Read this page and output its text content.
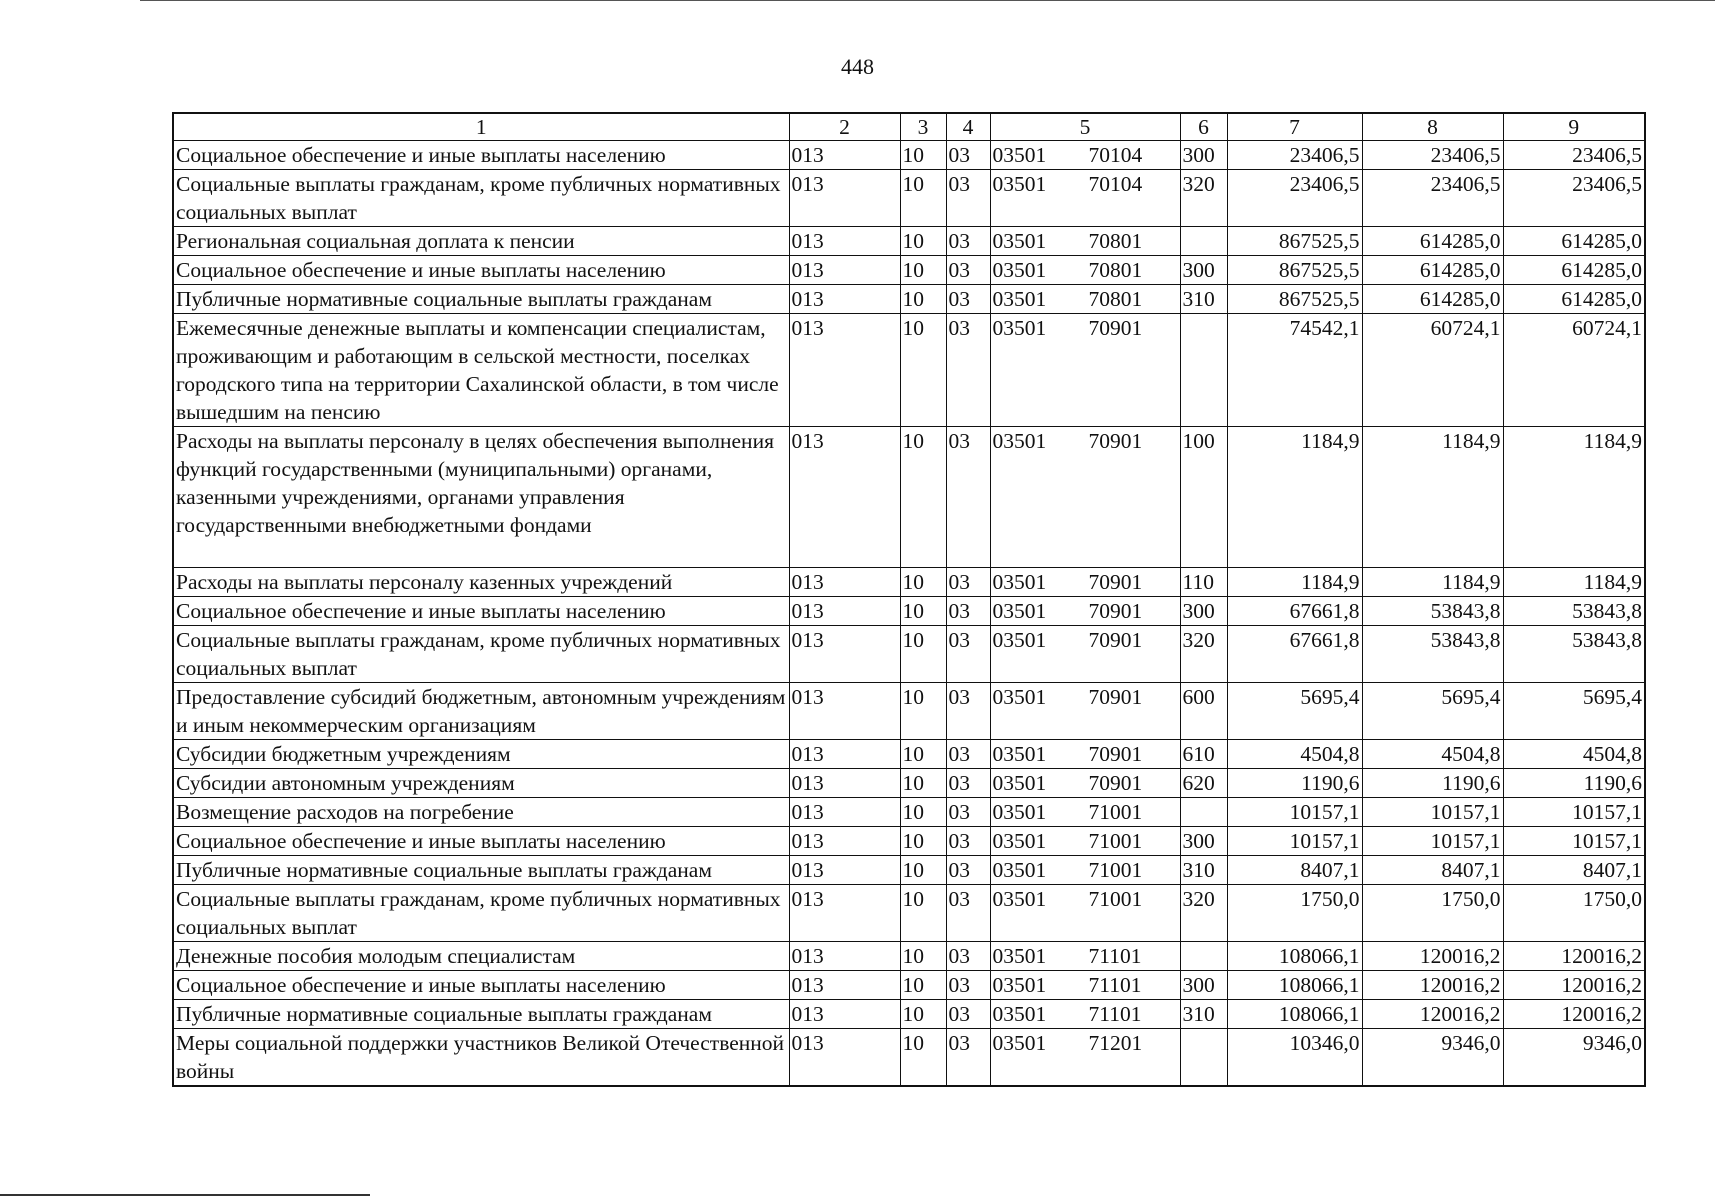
448
1	2	3	4	5	6	7	8	9
Социальное обеспечение и иные выплаты населению	013	10	03	03501 70104	300	23406,5	23406,5	23406,5
Социальные выплаты гражданам, кроме публичных нормативных социальных выплат	013	10	03	03501 70104	320	23406,5	23406,5	23406,5
Региональная социальная доплата к пенсии	013	10	03	03501 70801		867525,5	614285,0	614285,0
Социальное обеспечение и иные выплаты населению	013	10	03	03501 70801	300	867525,5	614285,0	614285,0
Публичные нормативные социальные выплаты гражданам	013	10	03	03501 70801	310	867525,5	614285,0	614285,0
Ежемесячные денежные выплаты и компенсации специалистам, проживающим и работающим в сельской местности, поселках городского типа на территории Сахалинской области, в том числе вышедшим на пенсию	013	10	03	03501 70901		74542,1	60724,1	60724,1
Расходы на выплаты персоналу в целях обеспечения выполнения функций государственными (муниципальными) органами, казенными учреждениями, органами управления государственными внебюджетными фондами	013	10	03	03501 70901	100	1184,9	1184,9	1184,9
Расходы на выплаты персоналу казенных учреждений	013	10	03	03501 70901	110	1184,9	1184,9	1184,9
Социальное обеспечение и иные выплаты населению	013	10	03	03501 70901	300	67661,8	53843,8	53843,8
Социальные выплаты гражданам, кроме публичных нормативных социальных выплат	013	10	03	03501 70901	320	67661,8	53843,8	53843,8
Предоставление субсидий бюджетным, автономным учреждениям и иным некоммерческим организациям	013	10	03	03501 70901	600	5695,4	5695,4	5695,4
Субсидии бюджетным учреждениям	013	10	03	03501 70901	610	4504,8	4504,8	4504,8
Субсидии автономным учреждениям	013	10	03	03501 70901	620	1190,6	1190,6	1190,6
Возмещение расходов на погребение	013	10	03	03501 71001		10157,1	10157,1	10157,1
Социальное обеспечение и иные выплаты населению	013	10	03	03501 71001	300	10157,1	10157,1	10157,1
Публичные нормативные социальные выплаты гражданам	013	10	03	03501 71001	310	8407,1	8407,1	8407,1
Социальные выплаты гражданам, кроме публичных нормативных социальных выплат	013	10	03	03501 71001	320	1750,0	1750,0	1750,0
Денежные пособия молодым специалистам	013	10	03	03501 71101		108066,1	120016,2	120016,2
Социальное обеспечение и иные выплаты населению	013	10	03	03501 71101	300	108066,1	120016,2	120016,2
Публичные нормативные социальные выплаты гражданам	013	10	03	03501 71101	310	108066,1	120016,2	120016,2
Меры социальной поддержки участников Великой Отечественной войны	013	10	03	03501 71201		10346,0	9346,0	9346,0
